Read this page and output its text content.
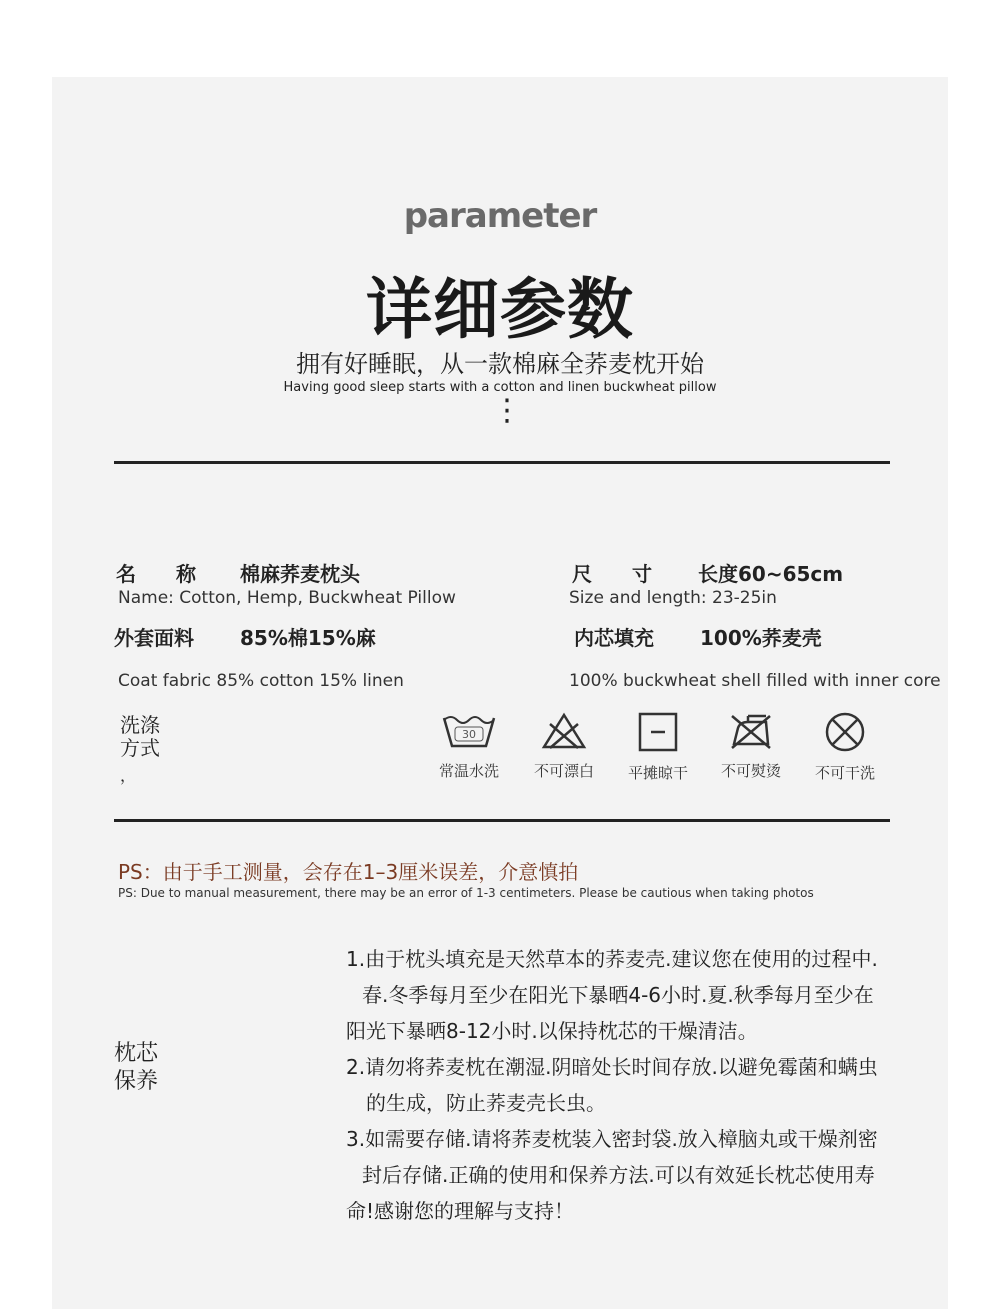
parameter
详细参数
拥有好睡眠，从一款棉麻全荞麦枕开始
Having good sleep starts with a cotton and linen buckwheat pillow
⋮
名　　称 棉麻荞麦枕头
Name: Cotton, Hemp, Buckwheat Pillow
尺　　寸 长度60~65cm
Size and length: 23-25in
外套面料 85%棉15%麻
Coat fabric 85% cotton 15% linen
内芯填充 100%荞麦壳
100% buckwheat shell filled with inner core
洗涤方式
，
30
常温水洗	不可漂白	平摊晾干	不可熨烫	不可干洗
PS：由于手工测量，会存在1–3厘米误差，介意慎拍
PS: Due to manual measurement, there may be an error of 1-3 centimeters. Please be cautious when taking photos
枕芯保养
1.由于枕头填充是天然草本的荞麦壳.建议您在使用的过程中.
春.冬季每月至少在阳光下暴晒4-6小时.夏.秋季每月至少在
阳光下暴晒8-12小时.以保持枕芯的干燥清洁。
2.请勿将荞麦枕在潮湿.阴暗处长时间存放.以避免霉菌和螨虫
的生成，防止荞麦壳长虫。
3.如需要存储.请将荞麦枕装入密封袋.放入樟脑丸或干燥剂密
封后存储.正确的使用和保养方法.可以有效延长枕芯使用寿
命!感谢您的理解与支持！
